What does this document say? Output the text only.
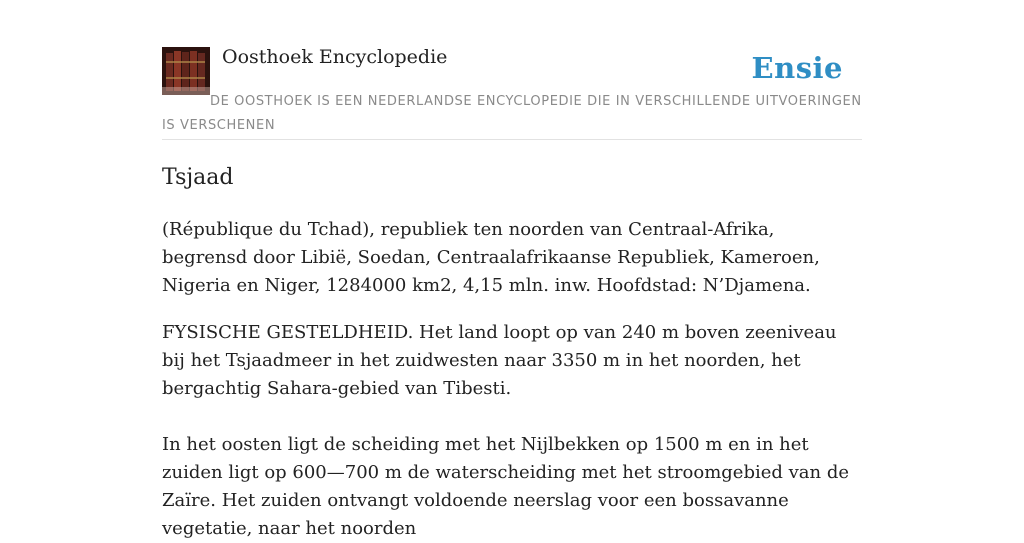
Oosthoek Encyclopedie	Ensie
DE OOSTHOEK IS EEN NEDERLANDSE ENCYCLOPEDIE DIE IN VERSCHILLENDE UITVOERINGEN IS VERSCHENEN
Tsjaad

(République du Tchad), republiek ten noorden van Centraal-Afrika, begrensd door Libië, Soedan, Centraalafrikaanse Republiek, Kameroen, Nigeria en Niger, 1284000 km2, 4,15 mln. inw. Hoofdstad: N’Djamena.

FYSISCHE GESTELDHEID. Het land loopt op van 240 m boven zeeniveau bij het Tsjaadmeer in het zuidwesten naar 3350 m in het noorden, het bergachtig Sahara-gebied van Tibesti.

In het oosten ligt de scheiding met het Nijlbekken op 1500 m en in het zuiden ligt op 600—700 m de waterscheiding met het stroomgebied van de Zaïre. Het zuiden ontvangt voldoende neerslag voor een bossavanne vegetatie, naar het noorden
